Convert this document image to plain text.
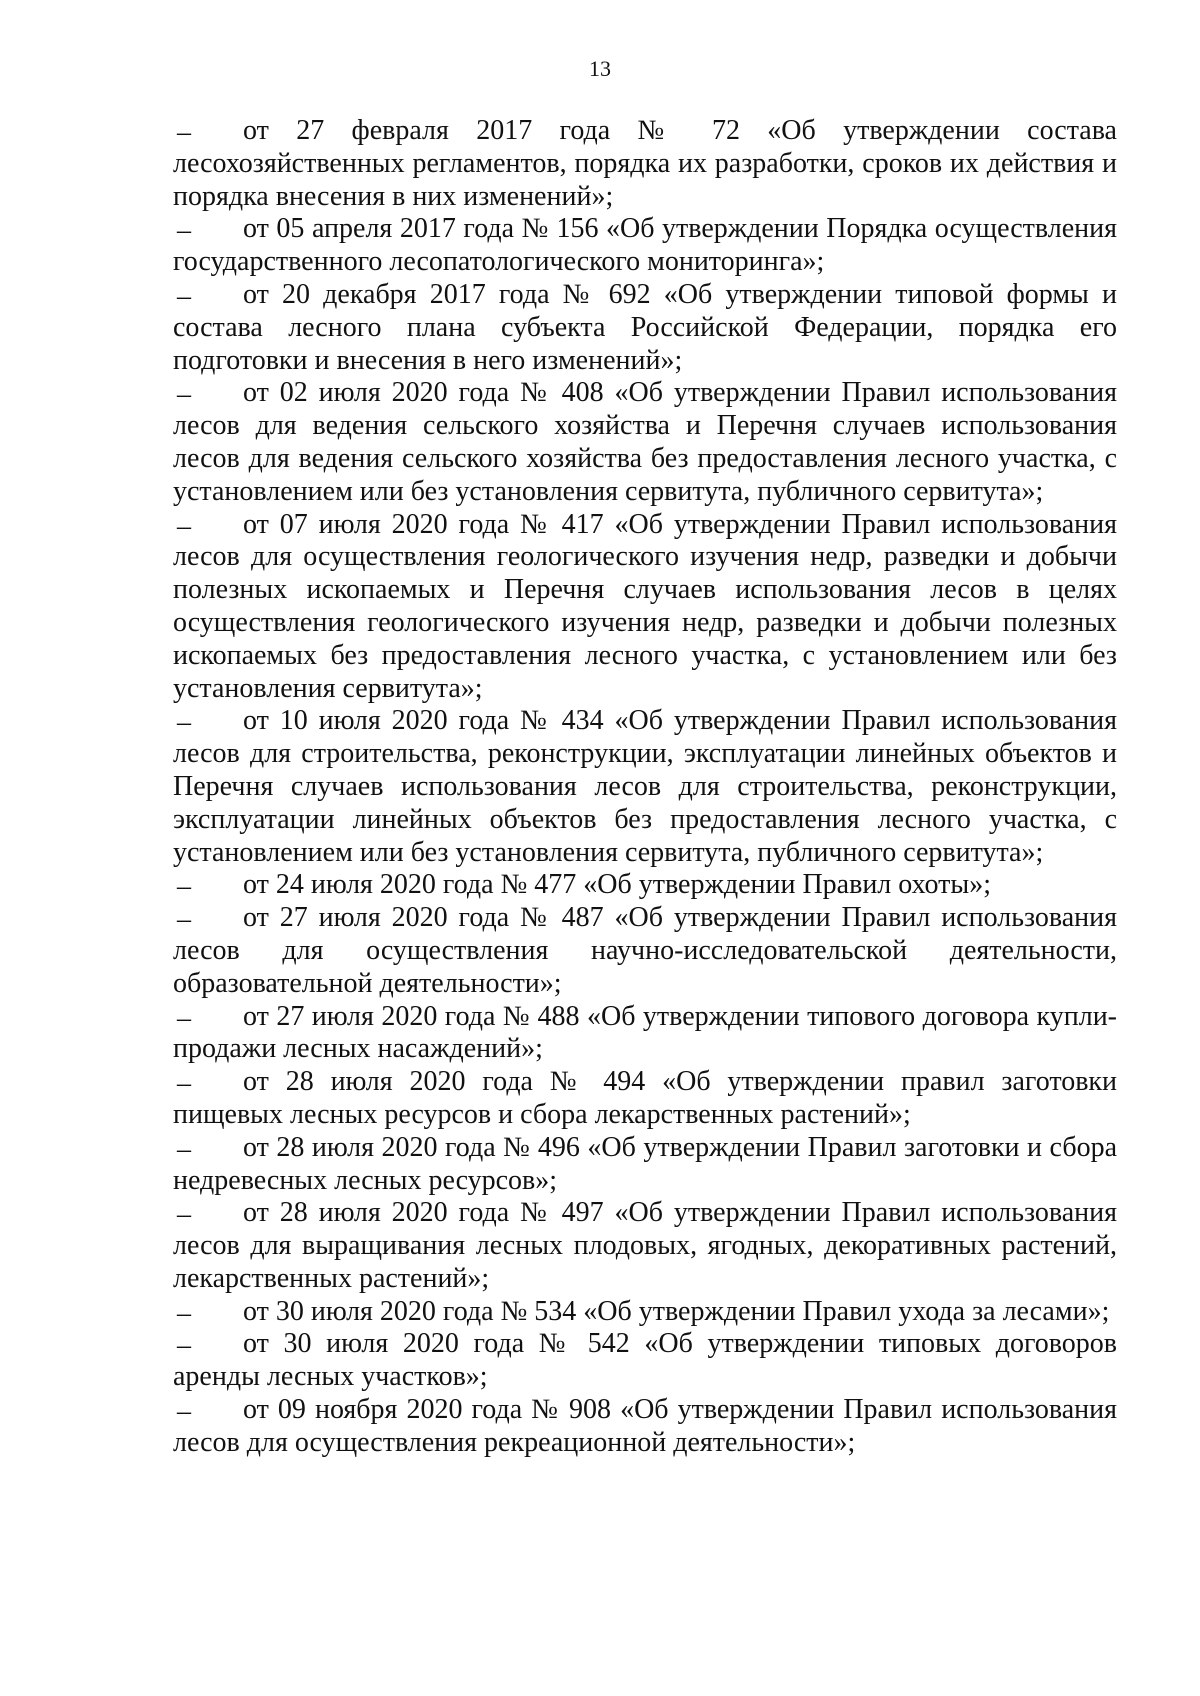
13
– от 27 февраля 2017 года № 72 «Об утверждении состава лесохозяйственных регламентов, порядка их разработки, сроков их действия и порядка внесения в них изменений»;
– от 05 апреля 2017 года № 156 «Об утверждении Порядка осуществления государственного лесопатологического мониторинга»;
– от 20 декабря 2017 года № 692 «Об утверждении типовой формы и состава лесного плана субъекта Российской Федерации, порядка его подготовки и внесения в него изменений»;
– от 02 июля 2020 года № 408 «Об утверждении Правил использования лесов для ведения сельского хозяйства и Перечня случаев использования лесов для ведения сельского хозяйства без предоставления лесного участка, с установлением или без установления сервитута, публичного сервитута»;
– от 07 июля 2020 года № 417 «Об утверждении Правил использования лесов для осуществления геологического изучения недр, разведки и добычи полезных ископаемых и Перечня случаев использования лесов в целях осуществления геологического изучения недр, разведки и добычи полезных ископаемых без предоставления лесного участка, с установлением или без установления сервитута»;
– от 10 июля 2020 года № 434 «Об утверждении Правил использования лесов для строительства, реконструкции, эксплуатации линейных объектов и Перечня случаев использования лесов для строительства, реконструкции, эксплуатации линейных объектов без предоставления лесного участка, с установлением или без установления сервитута, публичного сервитута»;
– от 24 июля 2020 года № 477 «Об утверждении Правил охоты»;
– от 27 июля 2020 года № 487 «Об утверждении Правил использования лесов для осуществления научно-исследовательской деятельности, образовательной деятельности»;
– от 27 июля 2020 года № 488 «Об утверждении типового договора купли-продажи лесных насаждений»;
– от 28 июля 2020 года № 494 «Об утверждении правил заготовки пищевых лесных ресурсов и сбора лекарственных растений»;
– от 28 июля 2020 года № 496 «Об утверждении Правил заготовки и сбора недревесных лесных ресурсов»;
– от 28 июля 2020 года № 497 «Об утверждении Правил использования лесов для выращивания лесных плодовых, ягодных, декоративных растений, лекарственных растений»;
– от 30 июля 2020 года № 534 «Об утверждении Правил ухода за лесами»;
– от 30 июля 2020 года № 542 «Об утверждении типовых договоров аренды лесных участков»;
– от 09 ноября 2020 года № 908 «Об утверждении Правил использования лесов для осуществления рекреационной деятельности»;
